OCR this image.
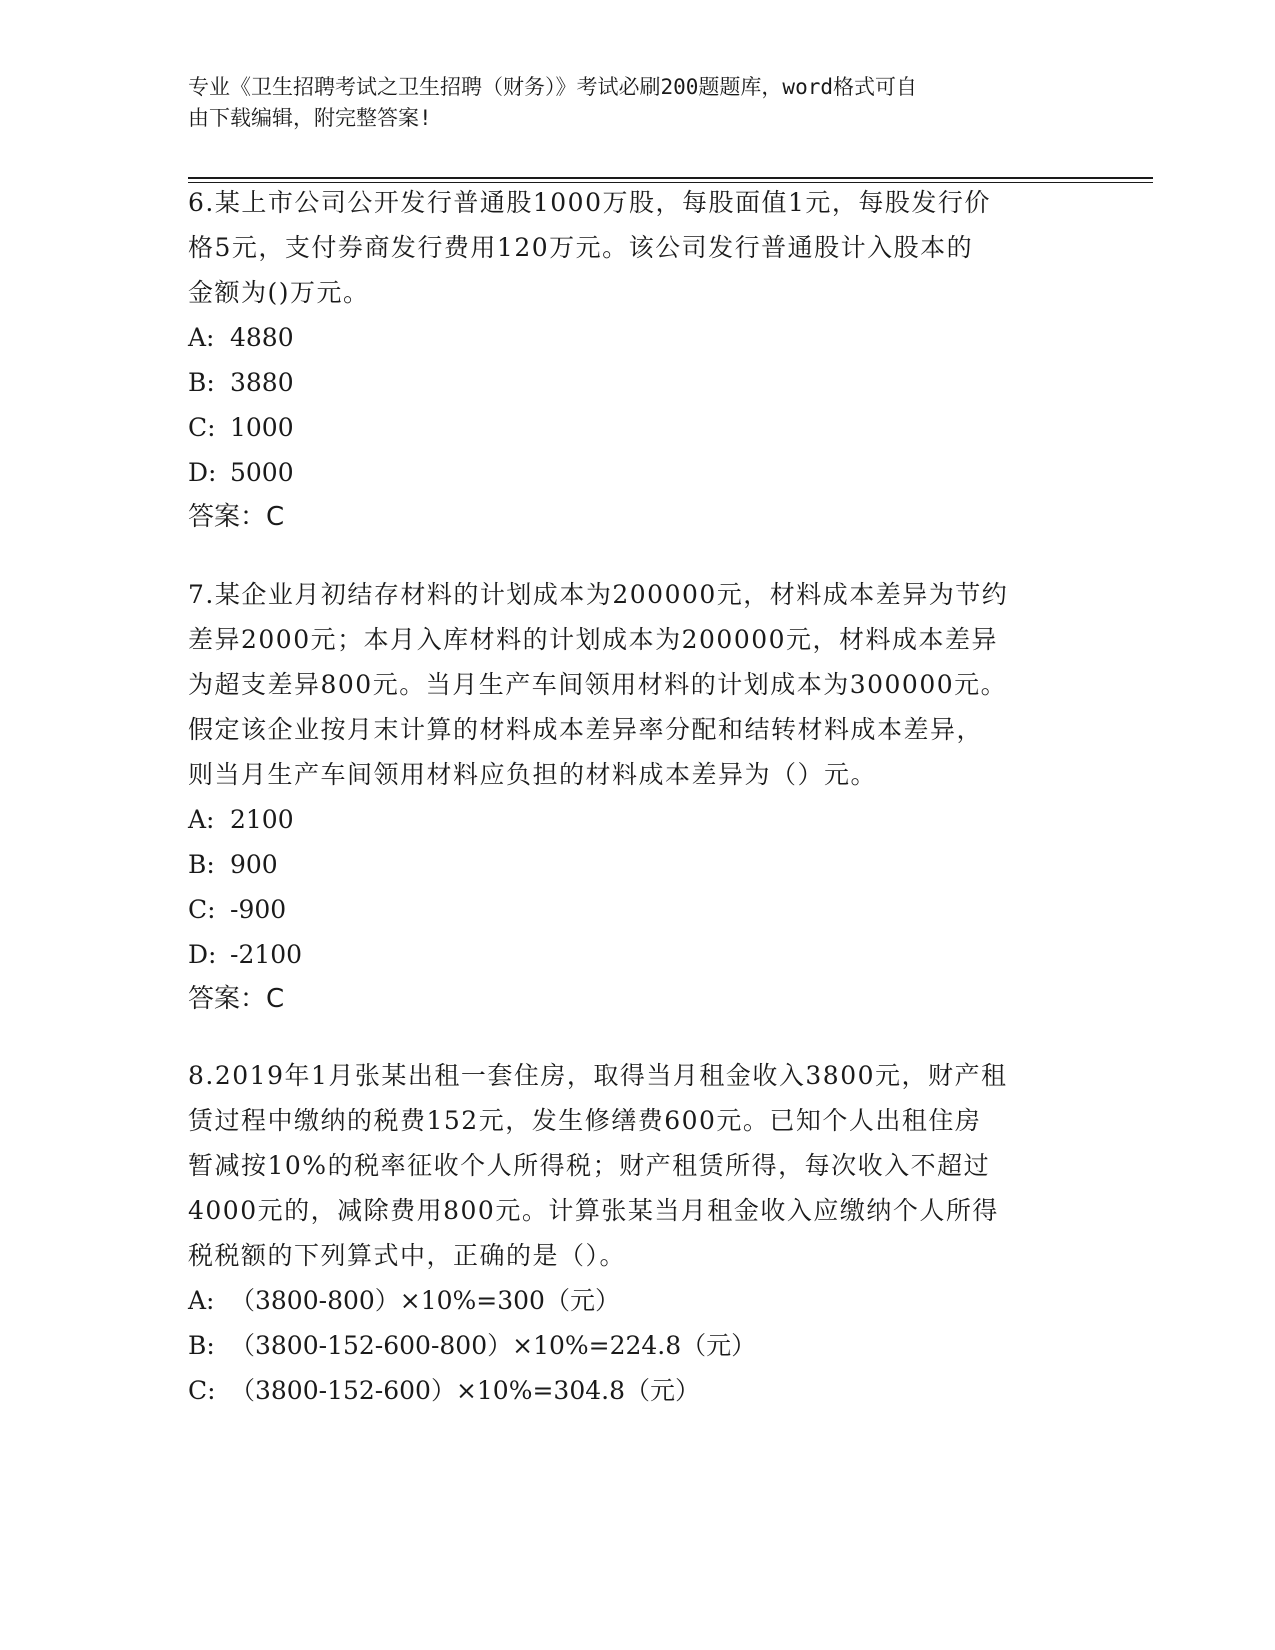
专业《卫生招聘考试之卫生招聘（财务）》考试必刷200题题库，word格式可自
由下载编辑，附完整答案!

6.某上市公司公开发行普通股1000万股，每股面值1元，每股发行价

格5元，支付券商发行费用120万元。该公司发行普通股计入股本的

金额为()万元。

A: 4880

B: 3880

C: 1000

D: 5000

答案：C

7.某企业月初结存材料的计划成本为200000元，材料成本差异为节约

差异2000元；本月入库材料的计划成本为200000元，材料成本差异

为超支差异800元。当月生产车间领用材料的计划成本为300000元。

假定该企业按月末计算的材料成本差异率分配和结转材料成本差异，

则当月生产车间领用材料应负担的材料成本差异为（）元。

A: 2100

B: 900

C: -900

D: -2100

答案：C

8.2019年1月张某出租一套住房，取得当月租金收入3800元，财产租

赁过程中缴纳的税费152元，发生修缮费600元。已知个人出租住房

暂减按10%的税率征收个人所得税；财产租赁所得，每次收入不超过

4000元的，减除费用800元。计算张某当月租金收入应缴纳个人所得

税税额的下列算式中，正确的是（）。

A: （3800-800）×10%=300（元）

B: （3800-152-600-800）×10%=224.8（元）

C: （3800-152-600）×10%=304.8（元）
